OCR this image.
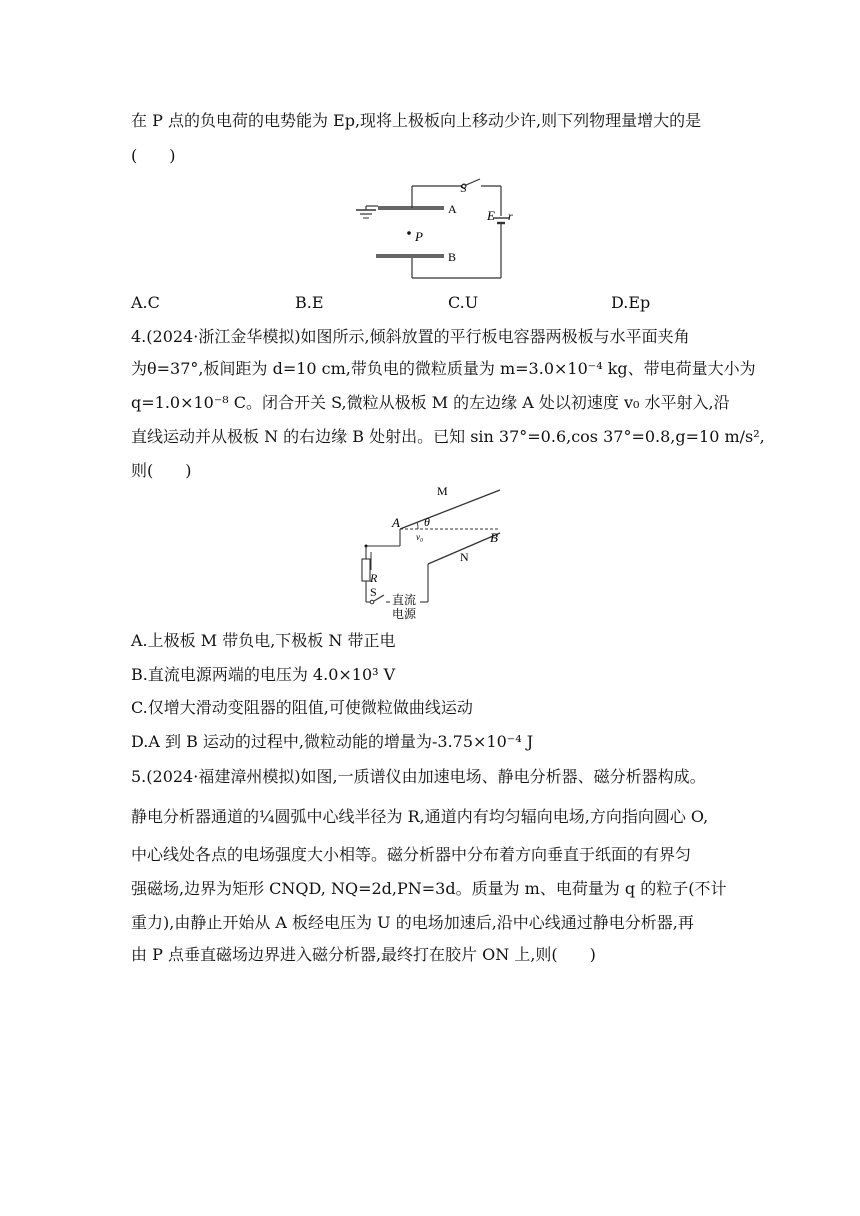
在 P 点的负电荷的电势能为 Ep,现将上极板向上移动少许,则下列物理量增大的是
(　　)
S
A
B
P
E r
A.C	B.E	C.U	D.Ep
4.(2024·浙江金华模拟)如图所示,倾斜放置的平行板电容器两极板与水平面夹角
为θ=37°,板间距为 d=10 cm,带负电的微粒质量为 m=3.0×10⁻⁴ kg、带电荷量大小为
q=1.0×10⁻⁸ C。闭合开关 S,微粒从极板 M 的左边缘 A 处以初速度 v₀ 水平射入,沿
直线运动并从极板 N 的右边缘 B 处射出。已知 sin 37°=0.6,cos 37°=0.8,g=10 m/s²,
则(　　)
M
N
A
B
θ
v₀
R
S
直流
电源
A.上极板 M 带负电,下极板 N 带正电
B.直流电源两端的电压为 4.0×10³ V
C.仅增大滑动变阻器的阻值,可使微粒做曲线运动
D.A 到 B 运动的过程中,微粒动能的增量为-3.75×10⁻⁴ J
5.(2024·福建漳州模拟)如图,一质谱仪由加速电场、静电分析器、磁分析器构成。
静电分析器通道的¼圆弧中心线半径为 R,通道内有均匀辐向电场,方向指向圆心 O,
中心线处各点的电场强度大小相等。磁分析器中分布着方向垂直于纸面的有界匀
强磁场,边界为矩形 CNQD, NQ=2d,PN=3d。质量为 m、电荷量为 q 的粒子(不计
重力),由静止开始从 A 板经电压为 U 的电场加速后,沿中心线通过静电分析器,再
由 P 点垂直磁场边界进入磁分析器,最终打在胶片 ON 上,则(　　)
